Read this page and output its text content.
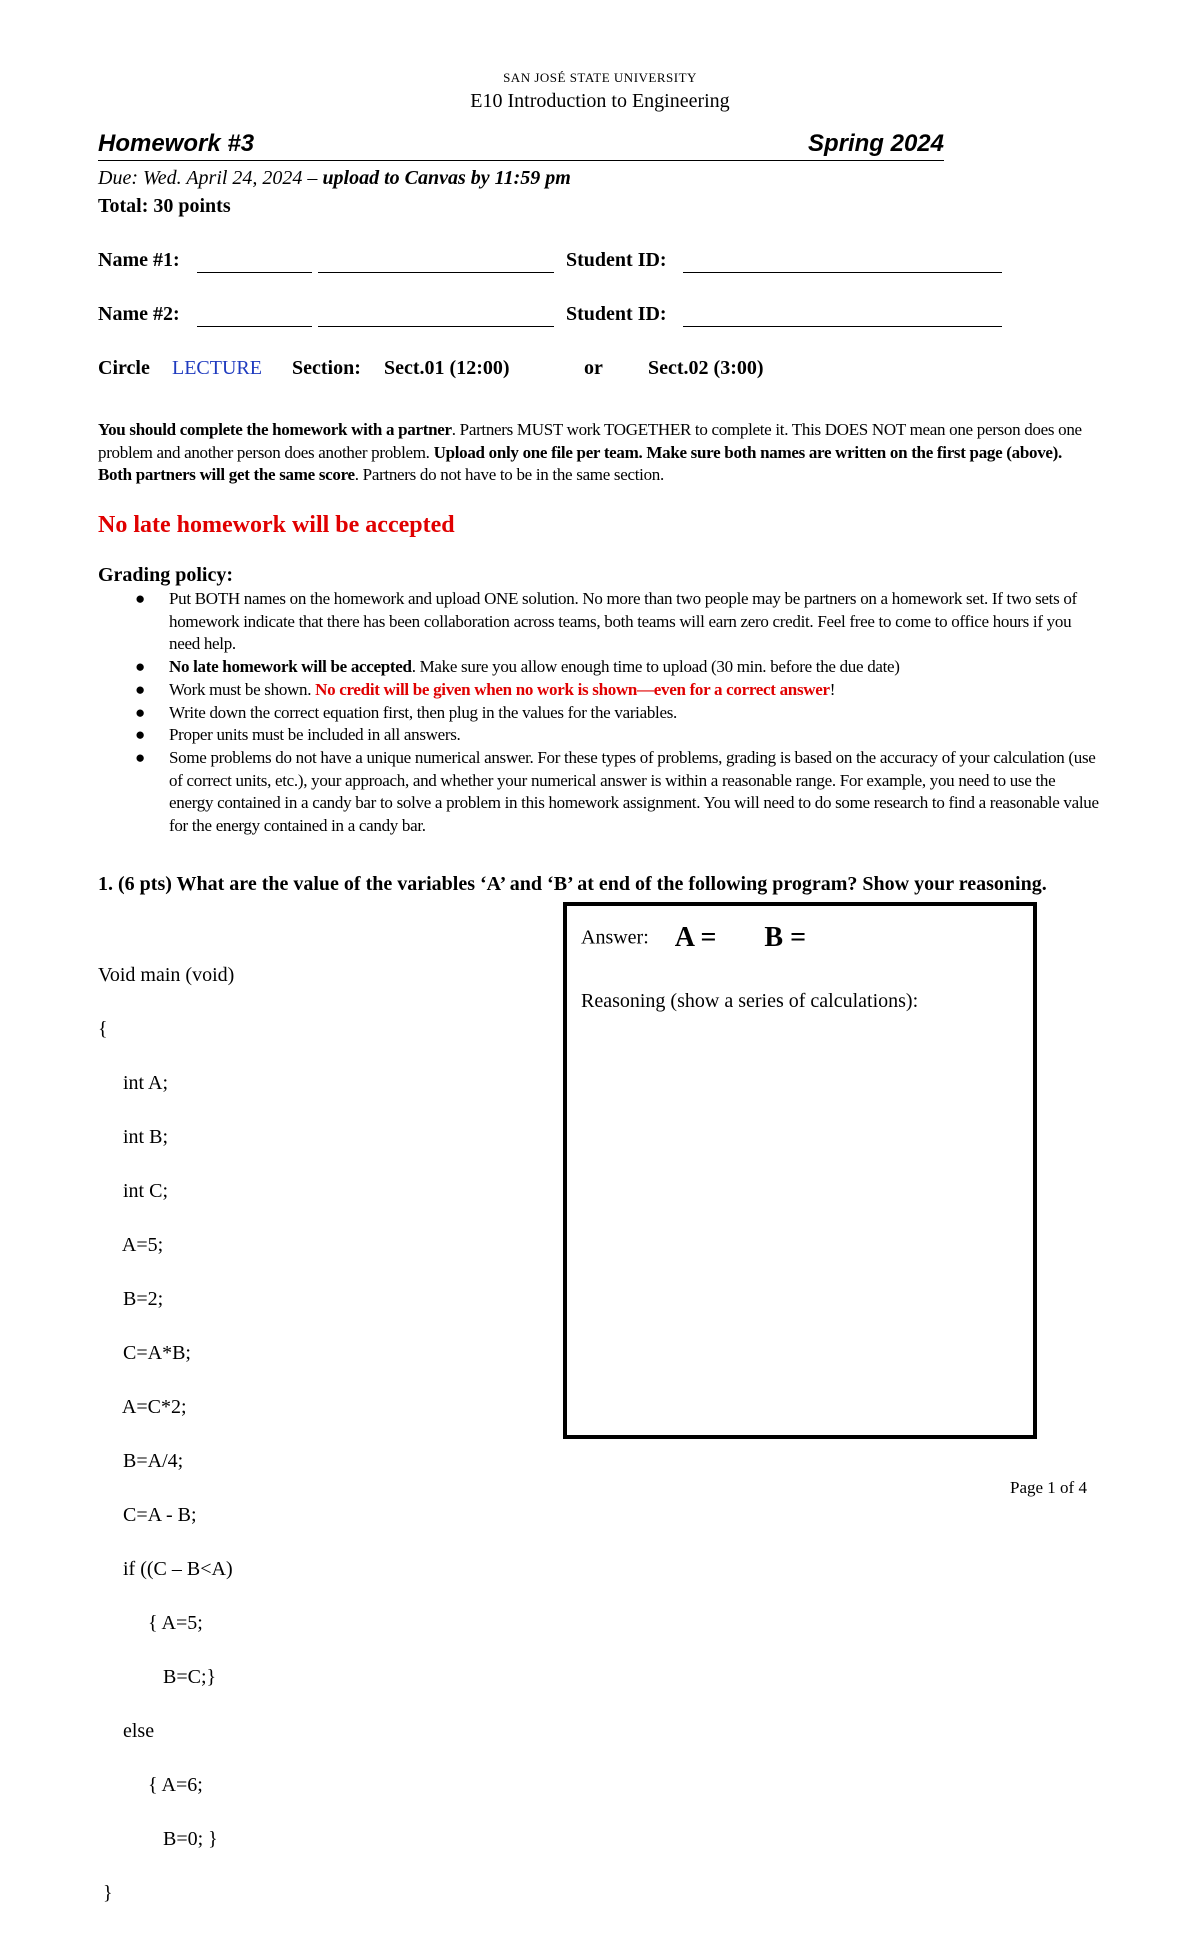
SAN JOSÉ STATE UNIVERSITY
E10 Introduction to Engineering
Homework #3	Spring 2024
Due: Wed. April 24, 2024 – upload to Canvas by 11:59 pm
Total: 30 points
Name #1:	Student ID:
Name #2:	Student ID:
Circle LECTURE Section: Sect.01 (12:00)	or Sect.02 (3:00)
You should complete the homework with a partner. Partners MUST work TOGETHER to complete it. This DOES NOT mean one person does one problem and another person does another problem. Upload only one file per team. Make sure both names are written on the first page (above). Both partners will get the same score. Partners do not have to be in the same section.
No late homework will be accepted
Grading policy:
● Put BOTH names on the homework and upload ONE solution. No more than two people may be partners on a homework set. If two sets of homework indicate that there has been collaboration across teams, both teams will earn zero credit. Feel free to come to office hours if you need help.
● No late homework will be accepted. Make sure you allow enough time to upload (30 min. before the due date)
● Work must be shown. No credit will be given when no work is shown—even for a correct answer!
● Write down the correct equation first, then plug in the values for the variables.
● Proper units must be included in all answers.
● Some problems do not have a unique numerical answer. For these types of problems, grading is based on the accuracy of your calculation (use of correct units, etc.), your approach, and whether your numerical answer is within a reasonable range. For example, you need to use the energy contained in a candy bar to solve a problem in this homework assignment. You will need to do some research to find a reasonable value for the energy contained in a candy bar.
1. (6 pts) What are the value of the variables ‘A’ and ‘B’ at end of the following program? Show your reasoning.

Void main (void)

{

int A;

int B;

int C;

A=5;

B=2;

C=A*B;

A=C*2;

B=A/4;

C=A - B;

if ((C – B<A)

{ A=5;

B=C;}

else

{ A=6;

B=0; }

}

Answer: A = B =
Reasoning (show a series of calculations):
Page 1 of 4
